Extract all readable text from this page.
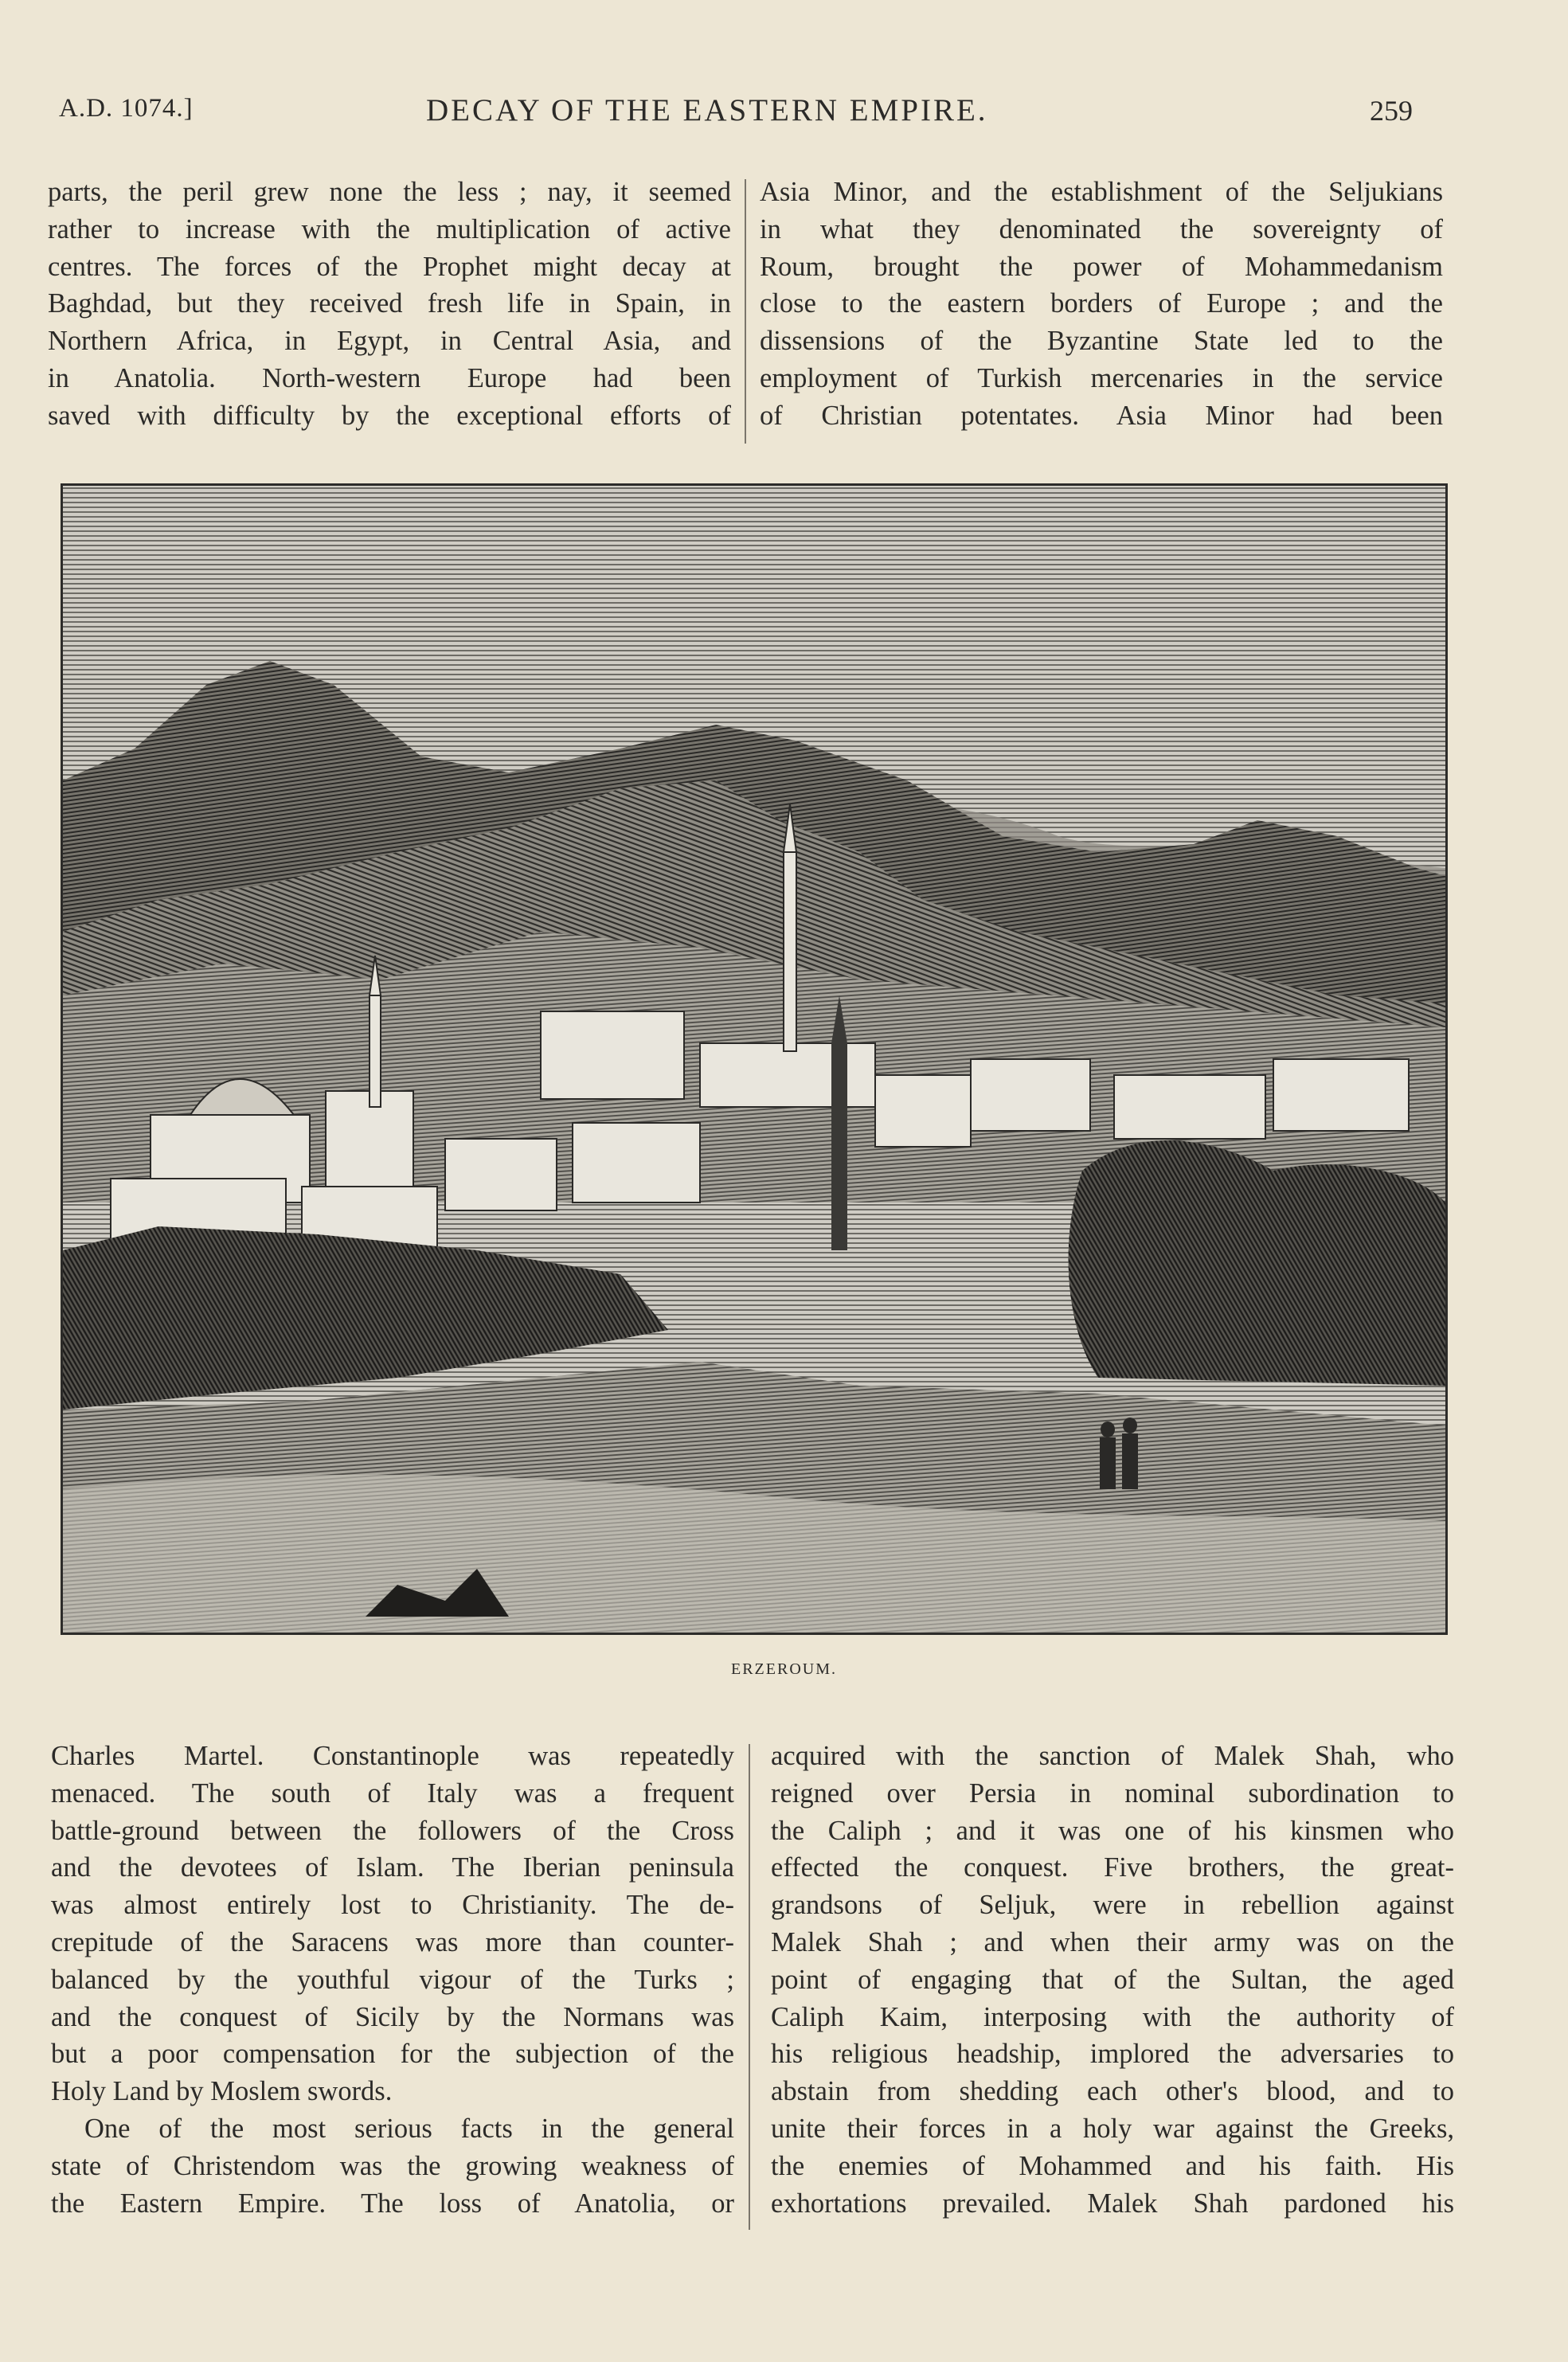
A.D. 1074.]	DECAY OF THE EASTERN EMPIRE.	259
parts, the peril grew none the less ; nay, it seemed
rather to increase with the multiplication of active
centres. The forces of the Prophet might decay at
Baghdad, but they received fresh life in Spain, in
Northern Africa, in Egypt, in Central Asia, and
in Anatolia. North-western Europe had been
saved with difficulty by the exceptional efforts of
Asia Minor, and the establishment of the Seljukians
in what they denominated the sovereignty of
Roum, brought the power of Mohammedanism
close to the eastern borders of Europe ; and the
dissensions of the Byzantine State led to the
employment of Turkish mercenaries in the service
of Christian potentates. Asia Minor had been
ERZEROUM.
Charles Martel. Constantinople was repeatedly
menaced. The south of Italy was a frequent
battle-ground between the followers of the Cross
and the devotees of Islam. The Iberian peninsula
was almost entirely lost to Christianity. The de-
crepitude of the Saracens was more than counter-
balanced by the youthful vigour of the Turks ;
and the conquest of Sicily by the Normans was
but a poor compensation for the subjection of the
Holy Land by Moslem swords.
One of the most serious facts in the general
state of Christendom was the growing weakness of
the Eastern Empire. The loss of Anatolia, or
acquired with the sanction of Malek Shah, who
reigned over Persia in nominal subordination to
the Caliph ; and it was one of his kinsmen who
effected the conquest. Five brothers, the great-
grandsons of Seljuk, were in rebellion against
Malek Shah ; and when their army was on the
point of engaging that of the Sultan, the aged
Caliph Kaim, interposing with the authority of
his religious headship, implored the adversaries to
abstain from shedding each other's blood, and to
unite their forces in a holy war against the Greeks,
the enemies of Mohammed and his faith. His
exhortations prevailed. Malek Shah pardoned his
